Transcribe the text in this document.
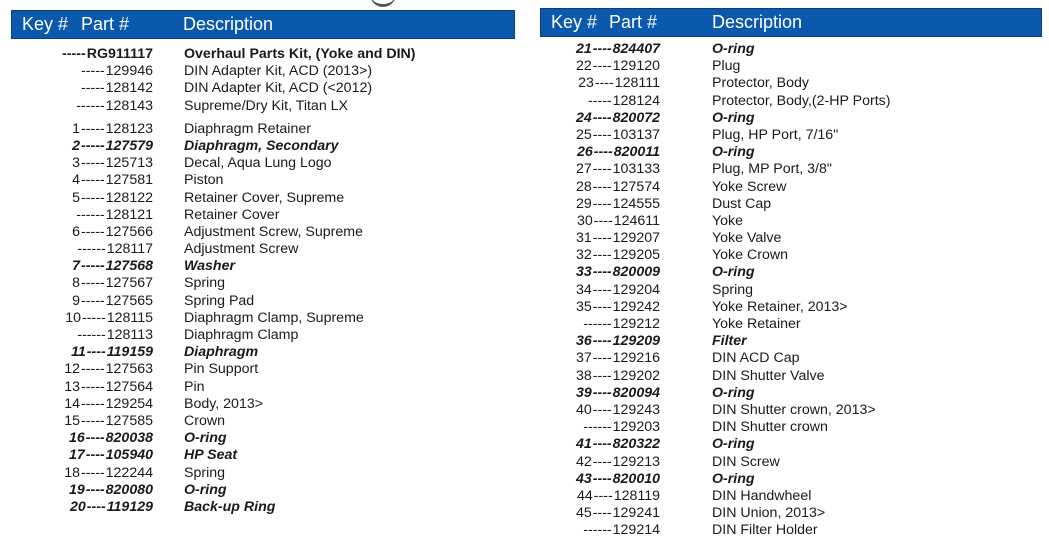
Key # Part #	Description
-----RG911117 Overhaul Parts Kit, (Yoke and DIN)
-----129946 DIN Adapter Kit, ACD (2013>)
-----128142 DIN Adapter Kit, ACD (<2012)
------128143 Supreme/Dry Kit, Titan LX
1-----128123 Diaphragm Retainer
2-----127579 Diaphragm, Secondary
3-----125713 Decal, Aqua Lung Logo
4-----127581 Piston
5-----128122 Retainer Cover, Supreme
------128121 Retainer Cover
6-----127566 Adjustment Screw, Supreme
------128117 Adjustment Screw
7-----127568 Washer
8-----127567 Spring
9-----127565 Spring Pad
10-----128115 Diaphragm Clamp, Supreme
------128113 Diaphragm Clamp
11----119159 Diaphragm
12-----127563 Pin Support
13-----127564 Pin
14-----129254 Body, 2013>
15-----127585 Crown
16----820038 O-ring
17----105940 HP Seat
18-----122244 Spring
19----820080 O-ring
20----119129 Back-up Ring
Key # Part #	Description
21----824407	O-ring
22----129120	Plug
23----128111	Protector, Body
-----128124	Protector, Body,(2-HP Ports)
24----820072	O-ring
25----103137	Plug, HP Port, 7/16"
26----820011	O-ring
27----103133	Plug, MP Port, 3/8"
28----127574	Yoke Screw
29----124555	Dust Cap
30----124611	Yoke
31----129207	Yoke Valve
32----129205	Yoke Crown
33----820009	O-ring
34----129204	Spring
35----129242	Yoke Retainer, 2013>
------129212	Yoke Retainer
36----129209	Filter
37----129216	DIN ACD Cap
38----129202	DIN Shutter Valve
39----820094	O-ring
40----129243	DIN Shutter crown, 2013>
------129203	DIN Shutter crown
41----820322	O-ring
42----129213	DIN Screw
43----820010	O-ring
44----128119	DIN Handwheel
45----129241	DIN Union, 2013>
------129214	DIN Filter Holder
